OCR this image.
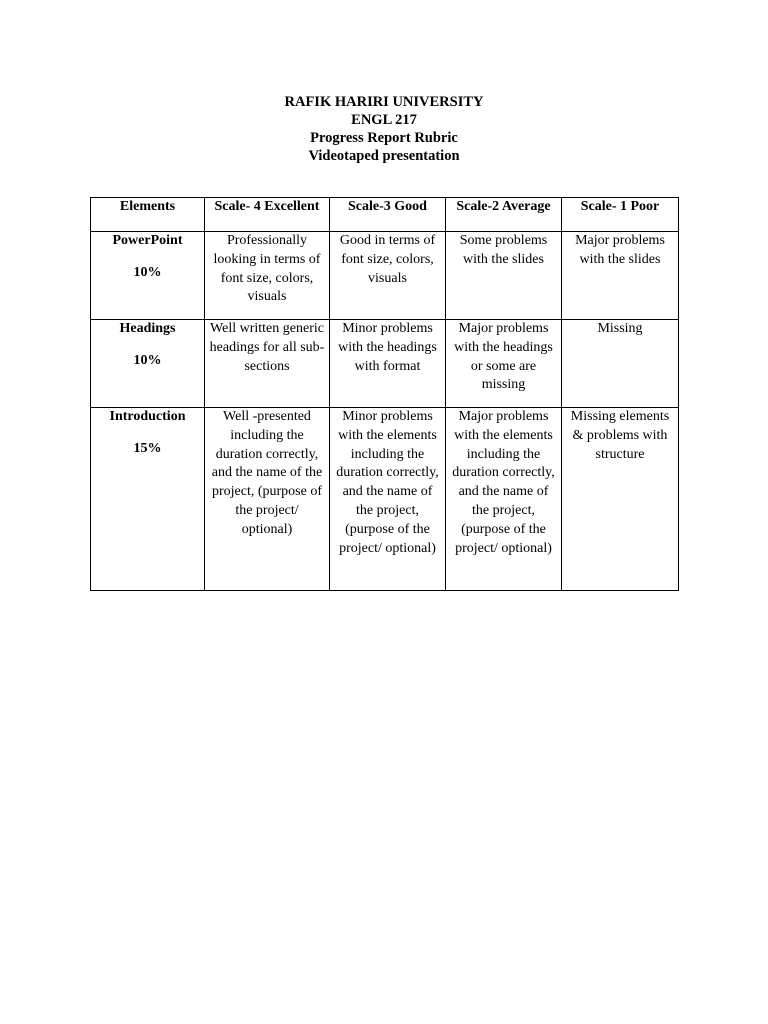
RAFIK HARIRI UNIVERSITY
ENGL 217
Progress Report Rubric
Videotaped presentation
Elements	Scale- 4 Excellent	Scale-3 Good	Scale-2 Average	Scale- 1 Poor

PowerPoint
10%	Professionally looking in terms of font size, colors, visuals	Good in terms of font size, colors, visuals	Some problems with the slides	Major problems with the slides

Headings
10%	Well written generic headings for all sub-sections	Minor problems with the headings with format	Major problems with the headings or some are missing	Missing

Introduction
15%	Well -presented including the duration correctly, and the name of the project, (purpose of the project/ optional)	Minor problems with the elements including the duration correctly, and the name of the project, (purpose of the project/ optional)	Major problems with the elements including the duration correctly, and the name of the project, (purpose of the project/ optional)	Missing elements & problems with structure
